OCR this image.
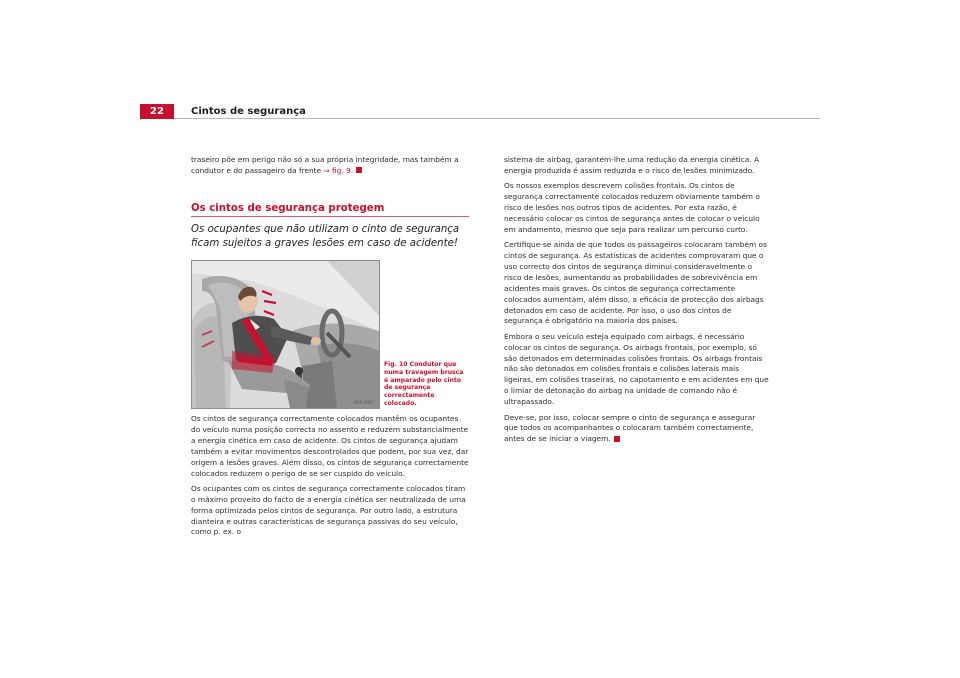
22	Cintos de segurança

traseiro põe em perigo não só a sua própria integridade, mas também a condutor e do passageiro da frente ⇒ fig. 9.

Os cintos de segurança protegem
Os ocupantes que não utilizam o cinto de segurança ficam sujeitos a graves lesões em caso de acidente!
B5P-0067
Fig. 10 Condutor que numa travagem brusca é amparado pelo cinto de segurança correctamente colocado.

Os cintos de segurança correctamente colocados mantêm os ocupantes do veículo numa posição correcta no assento e reduzem substancialmente a energia cinética em caso de acidente. Os cintos de segurança ajudam também a evitar movimentos descontrolados que podem, por sua vez, dar origem a lesões graves. Além disso, os cintos de segurança correctamente colocados reduzem o perigo de se ser cuspido do veículo.

Os ocupantes com os cintos de segurança correctamente colocados tiram o máximo proveito do facto de a energia cinética ser neutralizada de uma forma optimizada pelos cintos de segurança. Por outro lado, a estrutura dianteira e outras características de segurança passivas do seu veículo, como p. ex. o

sistema de airbag, garantem-lhe uma redução da energia cinética. A energia produzida é assim reduzida e o risco de lesões minimizado.

Os nossos exemplos descrevem colisões frontais. Os cintos de segurança correctamente colocados reduzem obviamente também o risco de lesões nos outros tipos de acidentes. Por esta razão, é necessário colocar os cintos de segurança antes de colocar o veículo em andamento, mesmo que seja para realizar um percurso curto.

Certifique-se ainda de que todos os passageiros colocaram também os cintos de segurança. As estatísticas de acidentes comprovaram que o uso correcto dos cintos de segurança diminui consideravelmente o risco de lesões, aumentando as probabilidades de sobrevivência em acidentes mais graves. Os cintos de segurança correctamente colocados aumentam, além disso, a eficácia de protecção dos airbags detonados em caso de acidente. Por isso, o uso dos cintos de segurança é obrigatório na maioria dos países.

Embora o seu veículo esteja equipado com airbags, é necessário colocar os cintos de segurança. Os airbags frontais, por exemplo, só são detonados em determinadas colisões frontais. Os airbags frontais não são detonados em colisões frontais e colisões laterais mais ligeiras, em colisões traseiras, no capotamento e em acidentes em que o limiar de detonação do airbag na unidade de comando não é ultrapassado.

Deve-se, por isso, colocar sempre o cinto de segurança e assegurar que todos os acompanhantes o colocaram também correctamente, antes de se iniciar a viagem.
